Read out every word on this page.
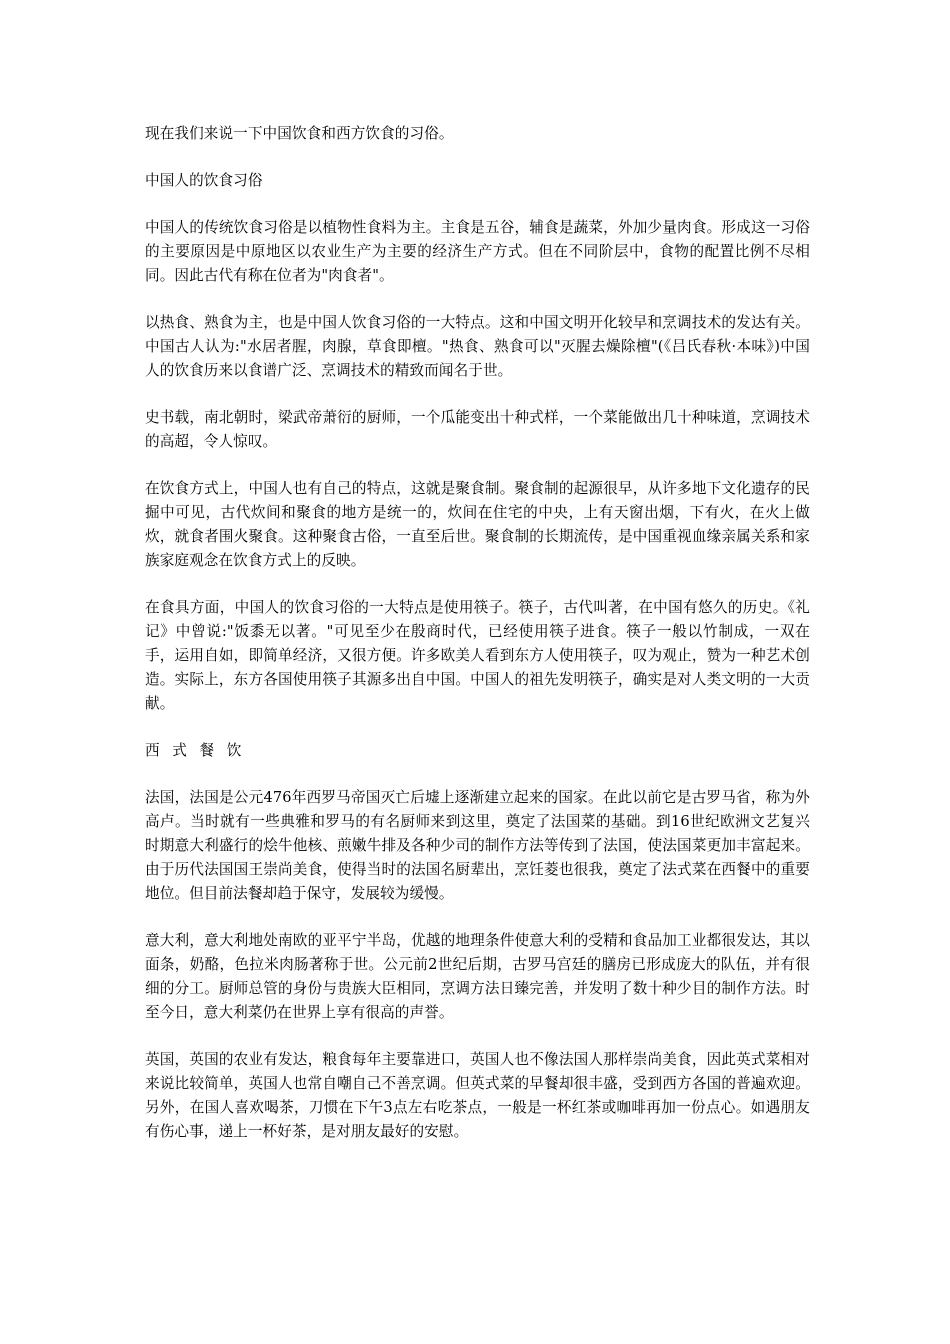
现在我们来说一下中国饮食和西方饮食的习俗。

中国人的饮食习俗

中国人的传统饮食习俗是以植物性食料为主。主食是五谷，辅食是蔬菜，外加少量肉食。形成这一习俗的主要原因是中原地区以农业生产为主要的经济生产方式。但在不同阶层中，食物的配置比例不尽相同。因此古代有称在位者为"肉食者"。

以热食、熟食为主，也是中国人饮食习俗的一大特点。这和中国文明开化较早和烹调技术的发达有关。中国古人认为:"水居者腥，肉腺，草食即檀。"热食、熟食可以"灭腥去燥除檀"(《吕氏春秋·本味》)中国人的饮食历来以食谱广泛、烹调技术的精致而闻名于世。

史书载，南北朝时，梁武帝萧衍的厨师，一个瓜能变出十种式样，一个菜能做出几十种味道，烹调技术的高超，令人惊叹。

在饮食方式上，中国人也有自己的特点，这就是聚食制。聚食制的起源很早，从许多地下文化遗存的民掘中可见，古代炊间和聚食的地方是统一的，炊间在住宅的中央，上有天窗出烟，下有火，在火上做炊，就食者围火聚食。这种聚食古俗，一直至后世。聚食制的长期流传，是中国重视血缘亲属关系和家族家庭观念在饮食方式上的反映。

在食具方面，中国人的饮食习俗的一大特点是使用筷子。筷子，古代叫著，在中国有悠久的历史。《礼记》中曾说:"饭黍无以著。"可见至少在殷商时代，已经使用筷子进食。筷子一般以竹制成，一双在手，运用自如，即简单经济，又很方便。许多欧美人看到东方人使用筷子，叹为观止，赞为一种艺术创造。实际上，东方各国使用筷子其源多出自中国。中国人的祖先发明筷子，确实是对人类文明的一大贡献。

西 式 餐 饮

法国，法国是公元476年西罗马帝国灭亡后墟上逐渐建立起来的国家。在此以前它是古罗马省，称为外高卢。当时就有一些典雅和罗马的有名厨师来到这里，奠定了法国菜的基础。到16世纪欧洲文艺复兴时期意大利盛行的烩牛他核、煎嫩牛排及各种少司的制作方法等传到了法国，使法国菜更加丰富起来。由于历代法国国王崇尚美食，使得当时的法国名厨辈出，烹饪菱也很我，奠定了法式菜在西餐中的重要地位。但目前法餐却趋于保守，发展较为缓慢。

意大利，意大利地处南欧的亚平宁半岛，优越的地理条件使意大利的受精和食品加工业都很发达，其以面条，奶酪，色拉米肉肠著称于世。公元前2世纪后期，古罗马宫廷的膳房已形成庞大的队伍，并有很细的分工。厨师总管的身份与贵族大臣相同，烹调方法日臻完善，并发明了数十种少目的制作方法。时至今日，意大利菜仍在世界上享有很高的声誉。

英国，英国的农业有发达，粮食每年主要靠进口，英国人也不像法国人那样崇尚美食，因此英式菜相对来说比较简单，英国人也常自嘲自己不善烹调。但英式菜的早餐却很丰盛，受到西方各国的普遍欢迎。另外，在国人喜欢喝茶，刀惯在下午3点左右吃茶点，一般是一杯红茶或咖啡再加一份点心。如遇朋友有伤心事，递上一杯好茶，是对朋友最好的安慰。
